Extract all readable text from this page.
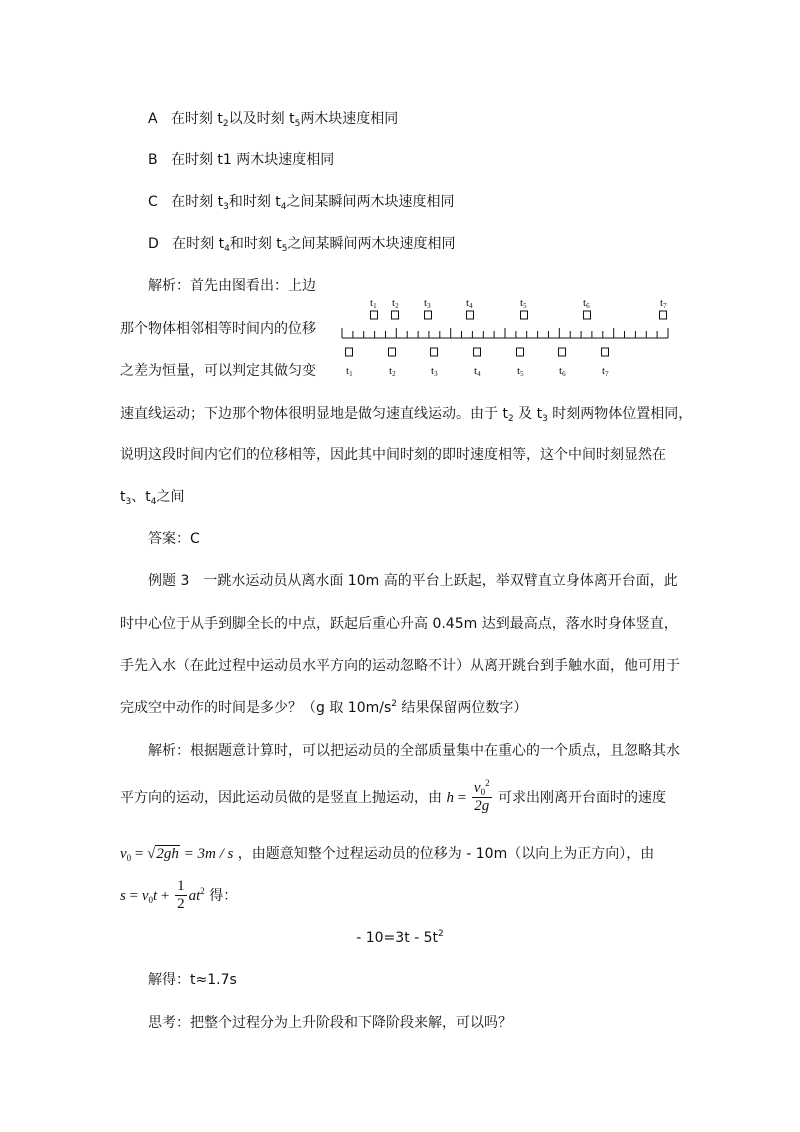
A 在时刻 $t_2$以及时刻 $t_5$两木块速度相同
B 在时刻 t1 两木块速度相同
C 在时刻 $t_3$和时刻 $t_4$之间某瞬间两木块速度相同
D 在时刻 $t_4$和时刻 $t_5$之间某瞬间两木块速度相同
解析：首先由图看出：上边
那个物体相邻相等时间内的位移
之差为恒量，可以判定其做匀变
t1 t2 t3	t4	t5	t6	t7
t1	t2	t3	t4	t5	t6	t7
速直线运动；下边那个物体很明显地是做匀速直线运动。由于 $t_2$ 及 $t_3$ 时刻两物体位置相同，
说明这段时间内它们的位移相等，因此其中间时刻的即时速度相等，这个中间时刻显然在
$t_3$、$t_4$之间
答案：C
例题 3　一跳水运动员从离水面 10m 高的平台上跃起，举双臂直立身体离开台面，此
时中心位于从手到脚全长的中点，跃起后重心升高 0.45m 达到最高点，落水时身体竖直，
手先入水（在此过程中运动员水平方向的运动忽略不计）从离开跳台到手触水面，他可用于
完成空中动作的时间是多少？（g 取 $10m/s^2$ 结果保留两位数字）
解析：根据题意计算时，可以把运动员的全部质量集中在重心的一个质点，且忽略其水
平方向的运动，因此运动员做的是竖直上抛运动，由 $h = \frac{v_0^2}{2g}$ 可求出刚离开台面时的速度
$v_0 = √2gh = 3m / s$ ，由题意知整个过程运动员的位移为 - 10m（以向上为正方向），由
$s = v_0t + \frac{1}{2} at^2$ 得：
- $10=3t - 5t^2$
解得：t≈1.7s
思考：把整个过程分为上升阶段和下降阶段来解，可以吗？
